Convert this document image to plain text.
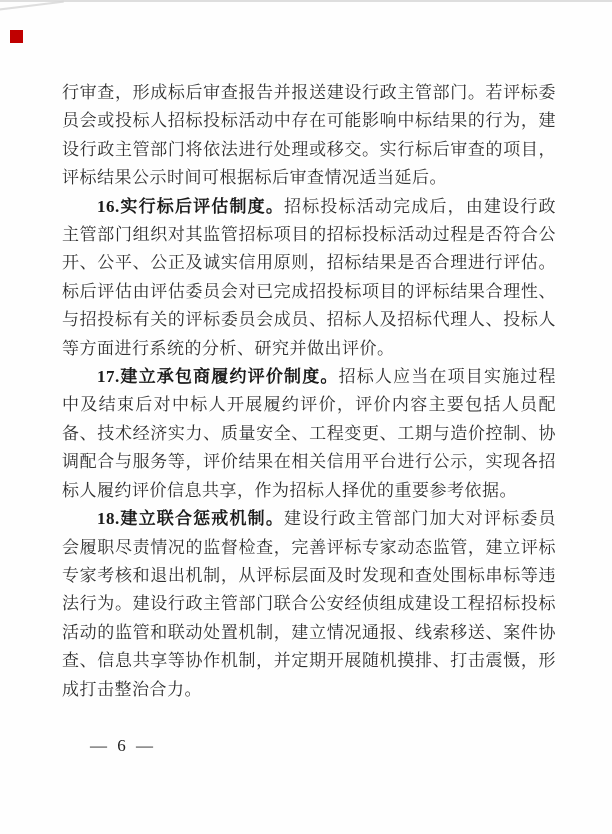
行审查，形成标后审查报告并报送建设行政主管部门。若评标委员会或投标人招标投标活动中存在可能影响中标结果的行为，建设行政主管部门将依法进行处理或移交。实行标后审查的项目，评标结果公示时间可根据标后审查情况适当延后。

16.实行标后评估制度。招标投标活动完成后，由建设行政主管部门组织对其监管招标项目的招标投标活动过程是否符合公开、公平、公正及诚实信用原则，招标结果是否合理进行评估。标后评估由评估委员会对已完成招投标项目的评标结果合理性、与招投标有关的评标委员会成员、招标人及招标代理人、投标人等方面进行系统的分析、研究并做出评价。

17.建立承包商履约评价制度。招标人应当在项目实施过程中及结束后对中标人开展履约评价，评价内容主要包括人员配备、技术经济实力、质量安全、工程变更、工期与造价控制、协调配合与服务等，评价结果在相关信用平台进行公示，实现各招标人履约评价信息共享，作为招标人择优的重要参考依据。

18.建立联合惩戒机制。建设行政主管部门加大对评标委员会履职尽责情况的监督检查，完善评标专家动态监管，建立评标专家考核和退出机制，从评标层面及时发现和查处围标串标等违法行为。建设行政主管部门联合公安经侦组成建设工程招标投标活动的监管和联动处置机制，建立情况通报、线索移送、案件协查、信息共享等协作机制，并定期开展随机摸排、打击震慑，形成打击整治合力。

— 6 —
